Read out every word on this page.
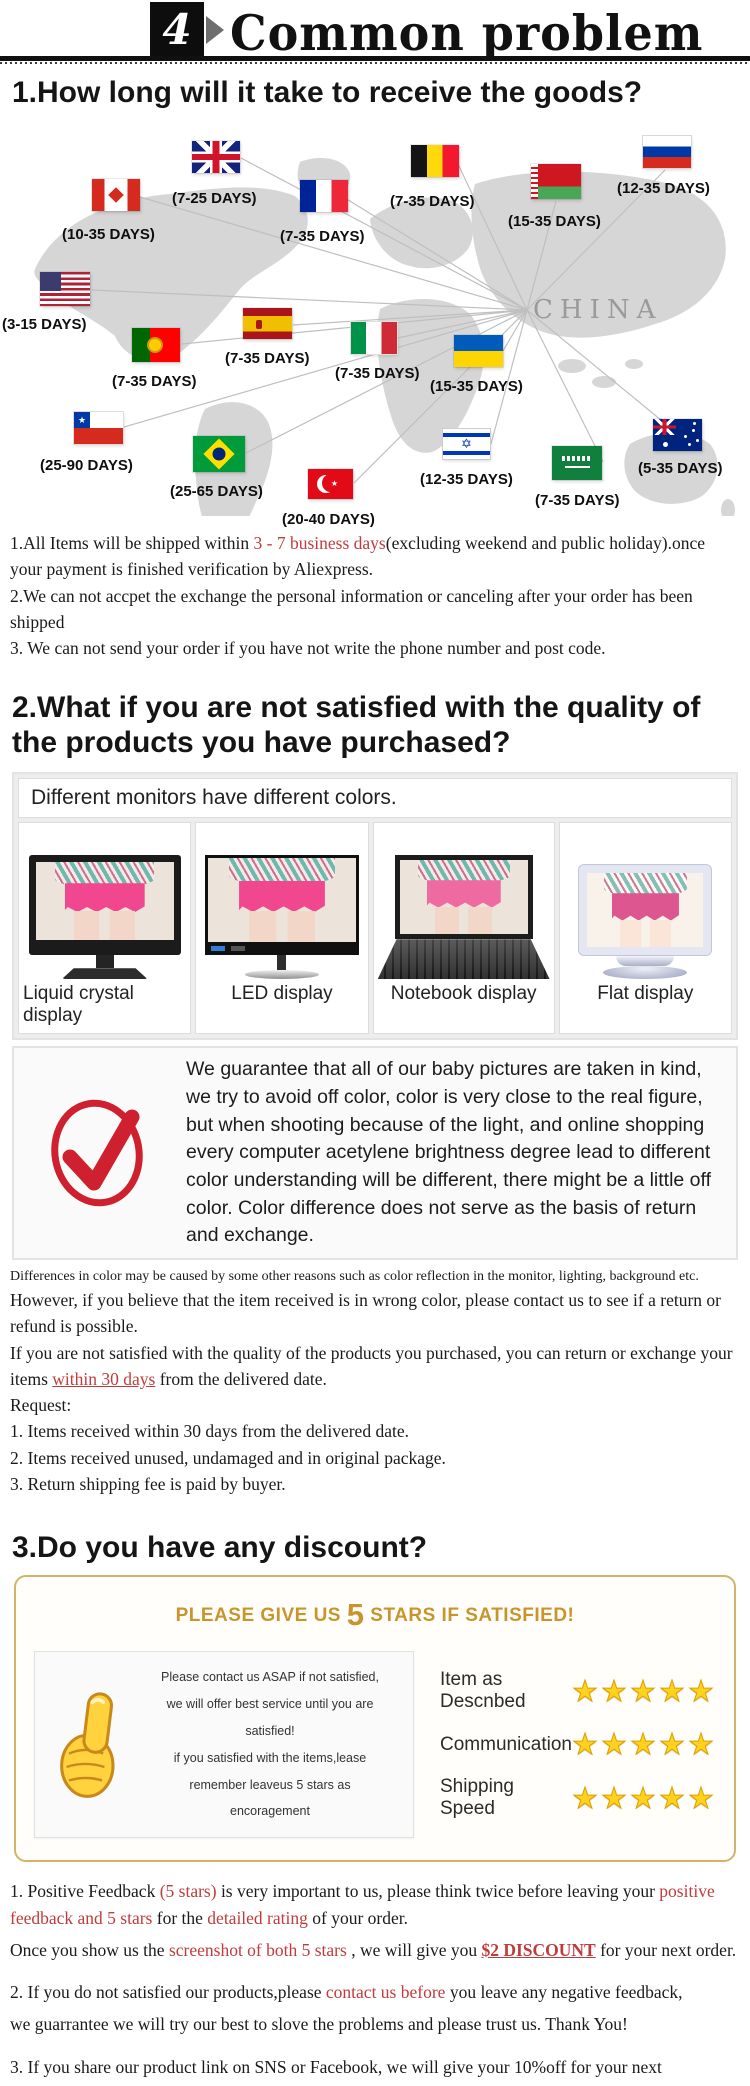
4 Common problem
1.How long will it take to receive the goods?
CHINA
(10-35 DAYS)
(7-25 DAYS)
(7-35 DAYS)
(7-35 DAYS)
(15-35 DAYS)
(12-35 DAYS)
(3-15 DAYS)
(7-35 DAYS)
(7-35 DAYS)
(7-35 DAYS)
(15-35 DAYS)
★
(25-90 DAYS)
(25-65 DAYS)
★
(20-40 DAYS)
✡
(12-35 DAYS)
(7-35 DAYS)
(5-35 DAYS)

1.All Items will be shipped within 3 - 7 business days(excluding weekend and public holiday).once your payment is finished verification by Aliexpress.

2.We can not accpet the exchange the personal information or canceling after your order has been shipped

3. We can not send your order if you have not write the phone number and post code.

2.What if you are not satisfied with the quality of the products you have purchased?
Different monitors have different colors.
Liquid crystal display
LED display	Notebook display	Flat display
We guarantee that all of our baby pictures are taken in kind, we try to avoid off color, color is very close to the real figure, but when shooting because of the light, and online shopping every computer acetylene brightness degree lead to different color understanding will be different, there might be a little off color. Color difference does not serve as the basis of return and exchange.

Differences in color may be caused by some other reasons such as color reflection in the monitor, lighting, background etc.

However, if you believe that the item received is in wrong color, please contact us to see if a return or refund is possible.

If you are not satisfied with the quality of the products you purchased, you can return or exchange your items within 30 days from the delivered date.

Request:

1. Items received within 30 days from the delivered date.

2. Items received unused, undamaged and in original package.

3. Return shipping fee is paid by buyer.

3.Do you have any discount?
PLEASE GIVE US 5 STARS IF SATISFIED!
Please contact us ASAP if not satisfied,
we will offer best service until you are
satisfied!
if you satisfied with the items,lease
remember leaveus 5 stars as
encoragement
Item as Descnbed	★★★★★
Communication ★★★★★
Shipping Speed	★★★★★

1. Positive Feedback (5 stars) is very important to us, please think twice before leaving your positive feedback and 5 stars for the detailed rating of your order.

Once you show us the screenshot of both 5 stars , we will give you $2 DISCOUNT for your next order.

2. If you do not satisfied our products,please contact us before you leave any negative feedback,

we guarrantee we will try our best to slove the problems and please trust us. Thank You!

3. If you share our product link on SNS or Facebook, we will give your 10%off for your next
